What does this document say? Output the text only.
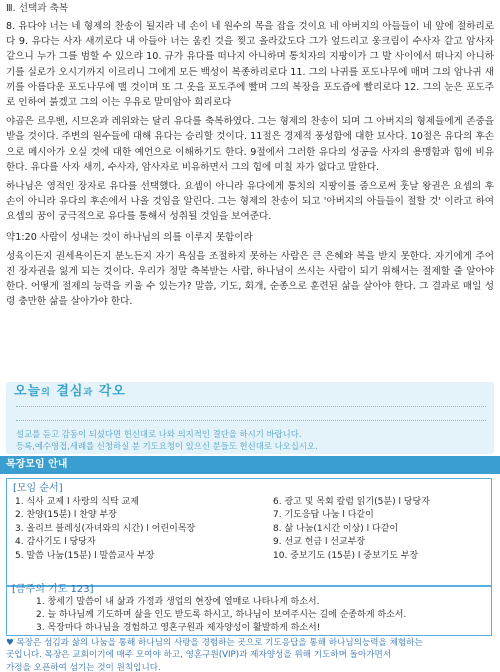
Ⅲ. 선택과 축복

8. 유다야 너는 네 형제의 찬송이 될지라 네 손이 네 원수의 목을 잡을 것이요 네 아버지의 아들들이 네 앞에 절하리로다 9. 유다는 사자 새끼로다 내 아들아 너는 움킨 것을 찢고 올라갔도다 그가 엎드리고 웅크림이 수사자 같고 암사자 같으니 누가 그를 범할 수 있으랴 10. 규가 유다를 떠나지 아니하며 통치자의 지팡이가 그 발 사이에서 떠나지 아니하기를 실로가 오시기까지 이르리니 그에게 모든 백성이 복종하리로다 11. 그의 나귀를 포도나무에 매며 그의 암나귀 새끼를 아름다운 포도나무에 맬 것이며 또 그 옷을 포도주에 빨며 그의 복장을 포도즙에 빨리로다 12. 그의 눈은 포도주로 인하여 붉겠고 그의 이는 우유로 말미암아 희리로다

야곱은 르우벤, 시므온과 레위와는 달리 유다를 축복하였다. 그는 형제의 찬송이 되며 그 아버지의 형제들에게 존중을 받을 것이다. 주변의 원수들에 대해 유다는 승리할 것이다. 11절은 경제적 풍성함에 대한 묘사다. 10절은 유다의 후손으로 메시아가 오실 것에 대한 예언으로 이해하기도 한다. 9절에서 그러한 유다의 성공을 사자의 용맹함과 힘에 비유한다. 유다를 사자 새끼, 수사자, 암사자로 비유하면서 그의 힘에 미칠 자가 없다고 말한다.

하나님은 영적인 장자로 유다를 선택했다. 요셉이 아니라 유다에게 통치의 지팡이를 줌으로써 훗날 왕권은 요셉의 후손이 아니라 유다의 후손에서 나올 것임을 알린다. 그는 형제의 찬송이 되고 '아버지의 아들들이 절할 것' 이라고 하여 요셉의 꿈이 궁극적으로 유다를 통해서 성취될 것임을 보여준다.

약1:20 사람이 성내는 것이 하나님의 의를 이루지 못함이라

성육이든지 권세욕이든지 분노든지 자기 욕심을 조절하지 못하는 사람은 큰 은혜와 복을 받지 못한다. 자기에게 주어진 장자권을 잃게 되는 것이다. 우리가 정말 축복받는 사람, 하나님이 쓰시는 사람이 되기 위해서는 절제할 줄 알아야 한다. 어떻게 절제의 능력을 키울 수 있는가? 말씀, 기도, 회개, 순종으로 훈련된 삶을 살아야 한다. 그 결과로 매일 성령 충만한 삶을 살아가야 한다.

오늘의 결심과 각오
설교를 듣고 감동이 되셨다면 헌신대로 나와 의지적인 결단을 하시기 바랍니다.
등록,예수영접,세례를 신청하실 분 기도요청이 있으신 분들도 헌신대로 나오십시오.
목장모임 안내
[모임 순서]
1. 식사 교제 l 사랑의 식탁 교제
2. 찬양(15분) l 찬양 부장
3. 올리브 블레싱(자녀와의 시간) l 어린이목장
4. 감사기도 l 당당자
5. 말씀 나눔(15분) l 말씀교사 부장
6. 광고 및 목회 칼럼 읽기(5분) l 당당자
7. 기도응답 나눔 l 다같이
8. 삶 나눔(1시간 이상) l 다같이
9. 선교 헌금 l 선교부장
10. 중보기도 (15분) l 중보기도 부장
[금주의 기도 123]
1. 창세기 말씀이 내 삶과 가정과 생업의 현장에 열매로 나타나게 하소서.
2. 늘 하나님께 기도하며 삶을 인도 받도록 하시고, 하나님이 보여주시는 길에 순종하게 하소서.
3. 목장마다 하나님을 경험하고 영혼구원과 제자양성이 활발하게 하소서!
♥ 목장은 섬김과 삶의 나눔을 통해 하나님의 사랑을 경험하는 곳으로 기도응답을 통해 하나님의능력을 체험하는
곳입니다. 목장은 교회이기에 매주 모여야 하고, 영혼구원(VIP)과 제자양성을 위해 기도하며 돌아가면서
가정을 오픈하여 섬기는 것이 원칙입니다.
